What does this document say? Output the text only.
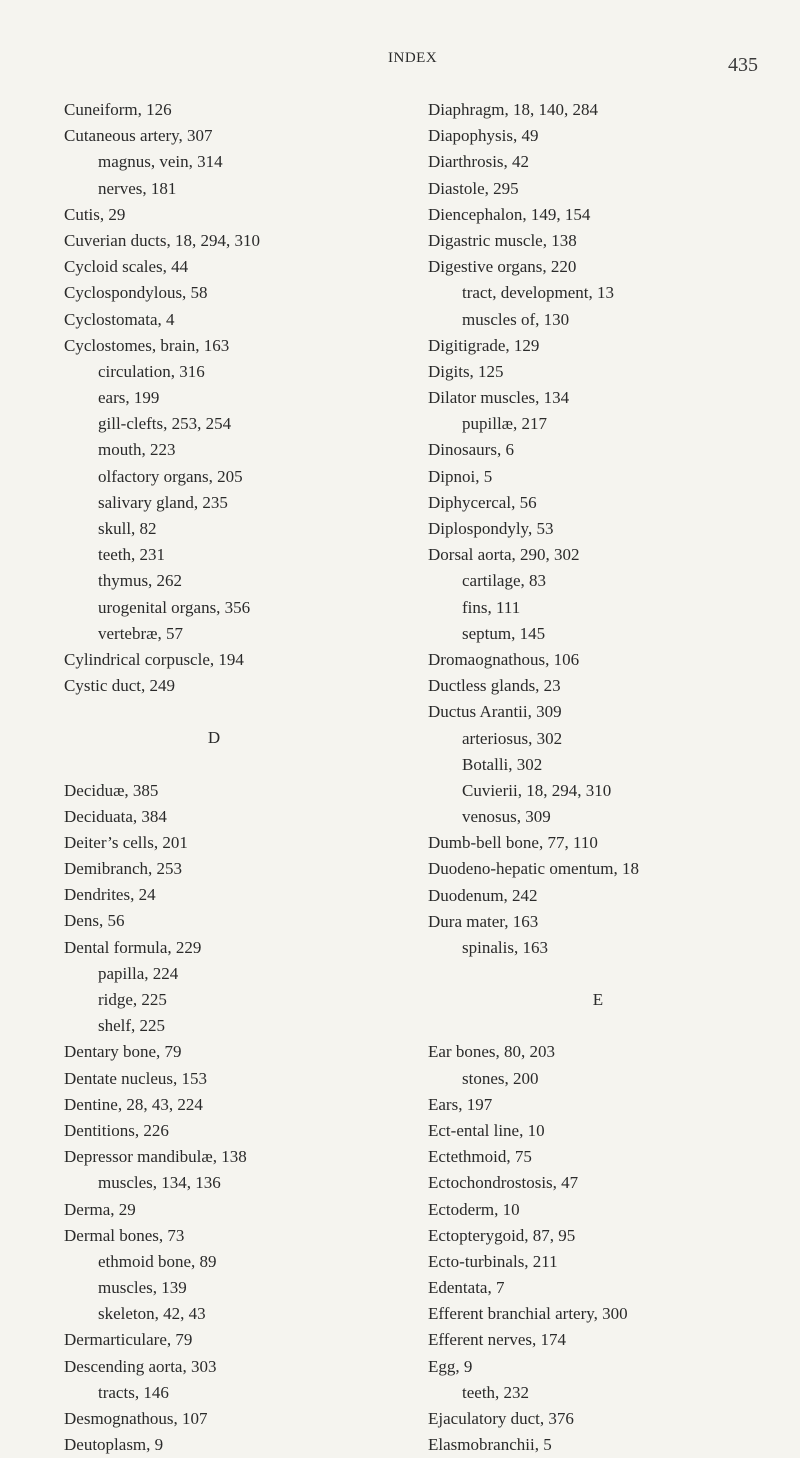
INDEX	435
Cuneiform, 126
Cutaneous artery, 307
magnus, vein, 314
nerves, 181
Cutis, 29
Cuverian ducts, 18, 294, 310
Cycloid scales, 44
Cyclospondylous, 58
Cyclostomata, 4
Cyclostomes, brain, 163
circulation, 316
ears, 199
gill-clefts, 253, 254
mouth, 223
olfactory organs, 205
salivary gland, 235
skull, 82
teeth, 231
thymus, 262
urogenital organs, 356
vertebræ, 57
Cylindrical corpuscle, 194
Cystic duct, 249
D
Deciduæ, 385
Deciduata, 384
Deiter’s cells, 201
Demibranch, 253
Dendrites, 24
Dens, 56
Dental formula, 229
papilla, 224
ridge, 225
shelf, 225
Dentary bone, 79
Dentate nucleus, 153
Dentine, 28, 43, 224
Dentitions, 226
Depressor mandibulæ, 138
muscles, 134, 136
Derma, 29
Dermal bones, 73
ethmoid bone, 89
muscles, 139
skeleton, 42, 43
Dermarticulare, 79
Descending aorta, 303
tracts, 146
Desmognathous, 107
Deutoplasm, 9
Diaphragm, 18, 140, 284
Diapophysis, 49
Diarthrosis, 42
Diastole, 295
Diencephalon, 149, 154
Digastric muscle, 138
Digestive organs, 220
tract, development, 13
muscles of, 130
Digitigrade, 129
Digits, 125
Dilator muscles, 134
pupillæ, 217
Dinosaurs, 6
Dipnoi, 5
Diphycercal, 56
Diplospondyly, 53
Dorsal aorta, 290, 302
cartilage, 83
fins, 111
septum, 145
Dromaognathous, 106
Ductless glands, 23
Ductus Arantii, 309
arteriosus, 302
Botalli, 302
Cuvierii, 18, 294, 310
venosus, 309
Dumb-bell bone, 77, 110
Duodeno-hepatic omentum, 18
Duodenum, 242
Dura mater, 163
spinalis, 163
E
Ear bones, 80, 203
stones, 200
Ears, 197
Ect-ental line, 10
Ectethmoid, 75
Ectochondrostosis, 47
Ectoderm, 10
Ectopterygoid, 87, 95
Ecto-turbinals, 211
Edentata, 7
Efferent branchial artery, 300
Efferent nerves, 174
Egg, 9
teeth, 232
Ejaculatory duct, 376
Elasmobranchii, 5
